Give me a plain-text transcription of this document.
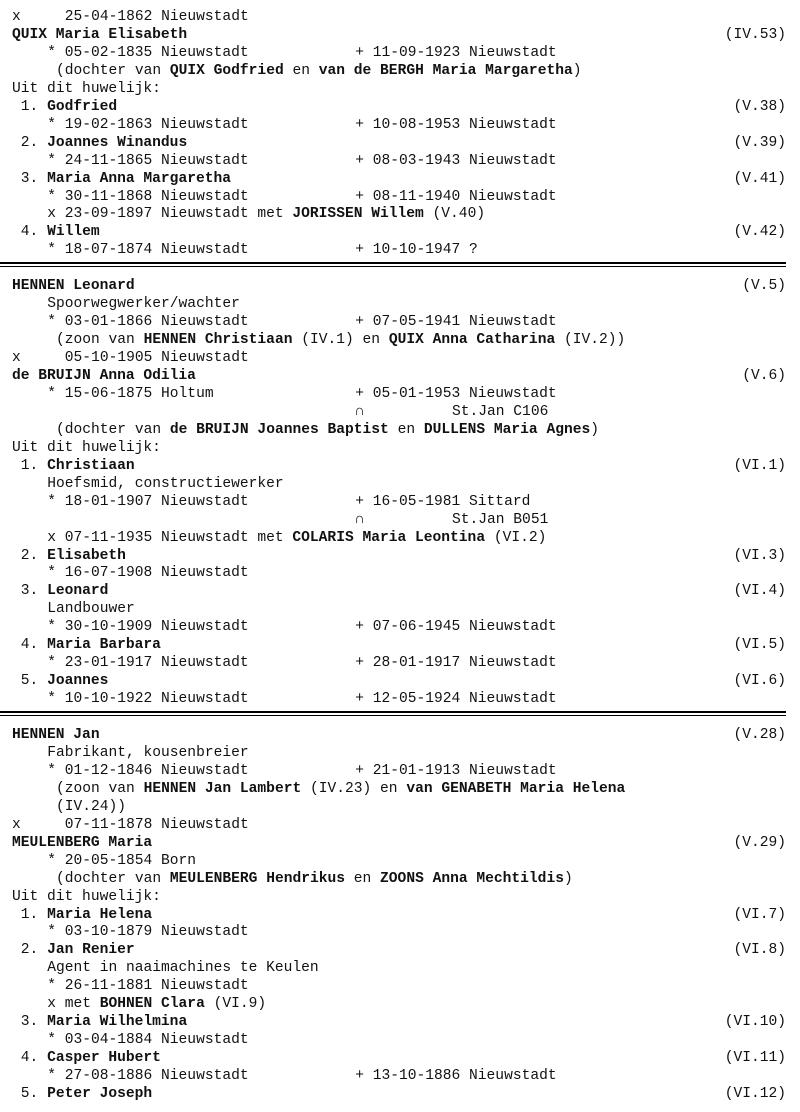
x	25-04-1862 Nieuwstadt
QUIX Maria Elisabeth	(IV.53)
* 05-02-1835 Nieuwstadt	+ 11-09-1923 Nieuwstadt
(dochter van QUIX Godfried en van de BERGH Maria Margaretha)
Uit dit huwelijk:
1. Godfried	(V.38)
* 19-02-1863 Nieuwstadt	+ 10-08-1953 Nieuwstadt
2. Joannes Winandus	(V.39)
* 24-11-1865 Nieuwstadt	+ 08-03-1943 Nieuwstadt
3. Maria Anna Margaretha	(V.41)
* 30-11-1868 Nieuwstadt	+ 08-11-1940 Nieuwstadt
x 23-09-1897 Nieuwstadt met JORISSEN Willem (V.40)
4. Willem	(V.42)
* 18-07-1874 Nieuwstadt	+ 10-10-1947 ?
HENNEN Leonard	(V.5)
Spoorwegwerker/wachter
* 03-01-1866 Nieuwstadt	+ 07-05-1941 Nieuwstadt
(zoon van HENNEN Christiaan (IV.1) en QUIX Anna Catharina (IV.2))
x	05-10-1905 Nieuwstadt
de BRUIJN Anna Odilia	(V.6)
* 15-06-1875 Holtum	+ 05-01-1953 Nieuwstadt
∩	St.Jan C106
(dochter van de BRUIJN Joannes Baptist en DULLENS Maria Agnes)
Uit dit huwelijk:
1. Christiaan	(VI.1)
Hoefsmid, constructiewerker
* 18-01-1907 Nieuwstadt	+ 16-05-1981 Sittard
∩	St.Jan B051
x 07-11-1935 Nieuwstadt met COLARIS Maria Leontina (VI.2)
2. Elisabeth	(VI.3)
* 16-07-1908 Nieuwstadt
3. Leonard	(VI.4)
Landbouwer
* 30-10-1909 Nieuwstadt	+ 07-06-1945 Nieuwstadt
4. Maria Barbara	(VI.5)
* 23-01-1917 Nieuwstadt	+ 28-01-1917 Nieuwstadt
5. Joannes	(VI.6)
* 10-10-1922 Nieuwstadt	+ 12-05-1924 Nieuwstadt
HENNEN Jan	(V.28)
Fabrikant, kousenbreier
* 01-12-1846 Nieuwstadt	+ 21-01-1913 Nieuwstadt
(zoon van HENNEN Jan Lambert (IV.23) en van GENABETH Maria Helena
(IV.24))
x	07-11-1878 Nieuwstadt
MEULENBERG Maria	(V.29)
* 20-05-1854 Born
(dochter van MEULENBERG Hendrikus en ZOONS Anna Mechtildis)
Uit dit huwelijk:
1. Maria Helena	(VI.7)
* 03-10-1879 Nieuwstadt
2. Jan Renier	(VI.8)
Agent in naaimachines te Keulen
* 26-11-1881 Nieuwstadt
x met BOHNEN Clara (VI.9)
3. Maria Wilhelmina	(VI.10)
* 03-04-1884 Nieuwstadt
4. Casper Hubert	(VI.11)
* 27-08-1886 Nieuwstadt	+ 13-10-1886 Nieuwstadt
5. Peter Joseph	(VI.12)
